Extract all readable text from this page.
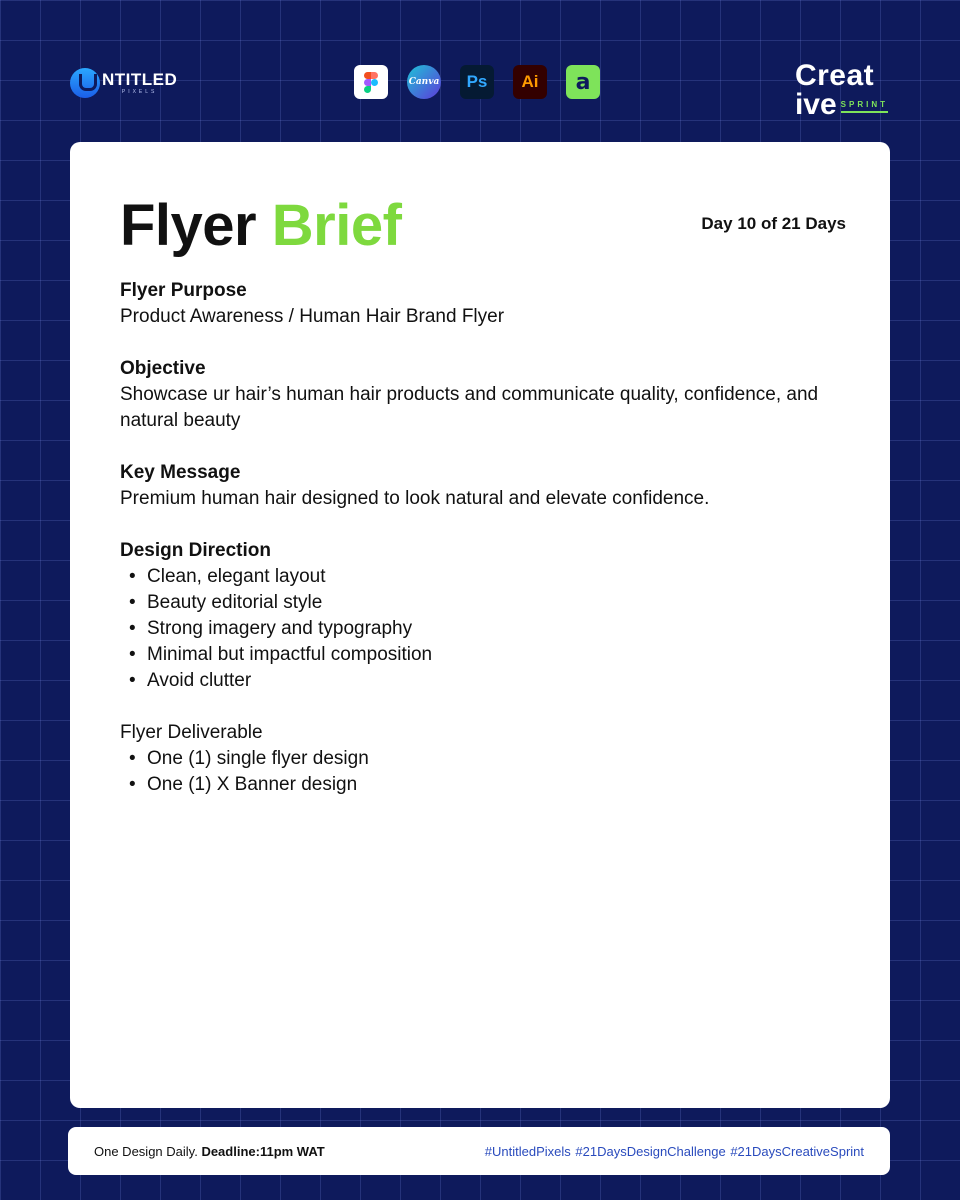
NTITLED
PIXELS
Canva	Ps	Ai	a	Creat
ive SPRINT
Flyer Brief	Day 10 of 21 Days
Flyer Purpose
Product Awareness / Human Hair Brand Flyer
Objective
Showcase ur hair’s human hair products and communicate quality, confidence, and natural beauty
Key Message
Premium human hair designed to look natural and elevate confidence.
Design Direction
• Clean, elegant layout
• Beauty editorial style
• Strong imagery and typography
• Minimal but impactful composition
• Avoid clutter
Flyer Deliverable
• One (1) single flyer design
• One (1) X Banner design
One Design Daily. Deadline:11pm WAT	#UntitledPixels #21DaysDesignChallenge #21DaysCreativeSprint
